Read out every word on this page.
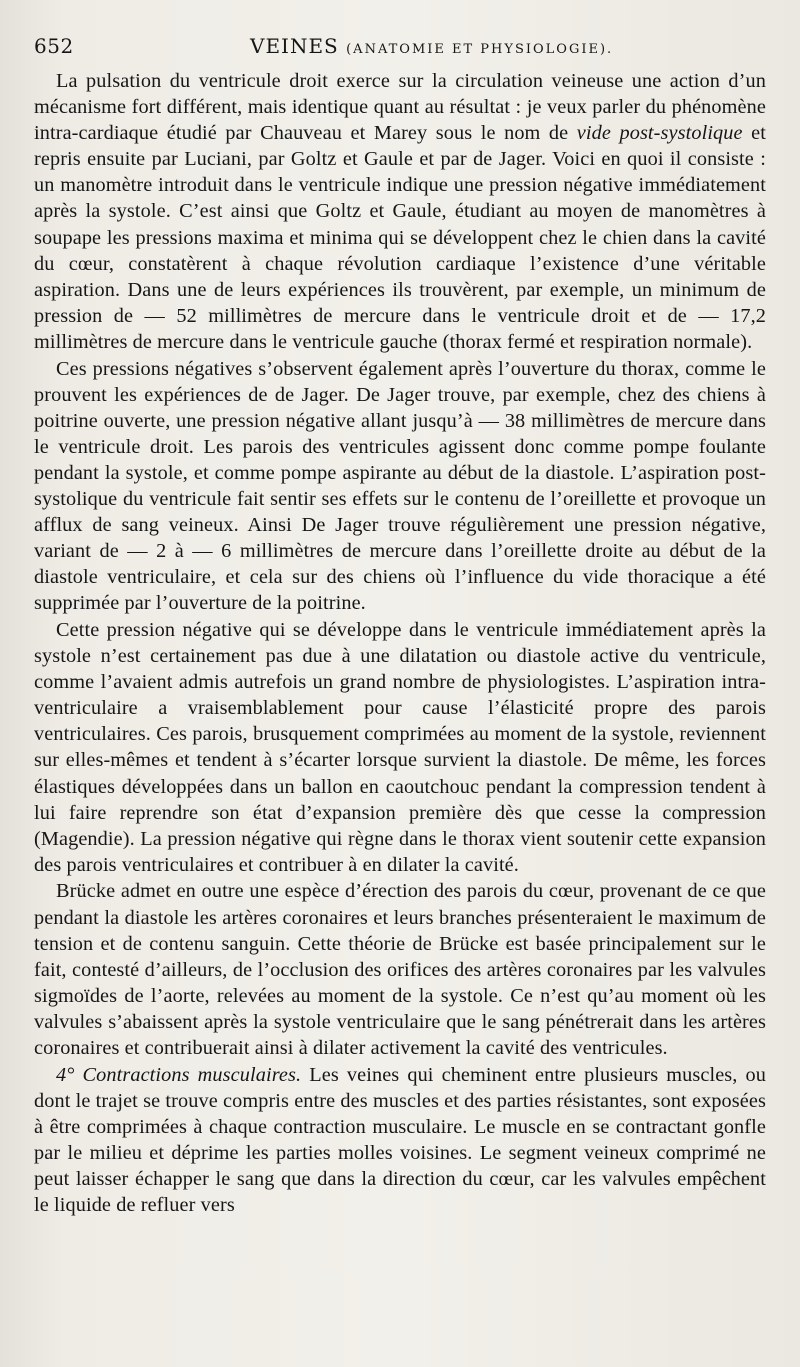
652	VEINES (ANATOMIE ET PHYSIOLOGIE).

La pulsation du ventricule droit exerce sur la circulation veineuse une action d’un mécanisme fort différent, mais identique quant au résultat : je veux parler du phénomène intra-cardiaque étudié par Chauveau et Marey sous le nom de vide post-systolique et repris ensuite par Luciani, par Goltz et Gaule et par de Jager. Voici en quoi il consiste : un manomètre introduit dans le ventricule indique une pression négative immédiatement après la systole. C’est ainsi que Goltz et Gaule, étudiant au moyen de manomètres à soupape les pressions maxima et minima qui se développent chez le chien dans la cavité du cœur, constatèrent à chaque révolution cardiaque l’existence d’une véritable aspiration. Dans une de leurs expériences ils trouvèrent, par exemple, un minimum de pression de — 52 millimètres de mercure dans le ventricule droit et de — 17,2 millimètres de mercure dans le ventricule gauche (thorax fermé et respiration normale).

Ces pressions négatives s’observent également après l’ouverture du thorax, comme le prouvent les expériences de de Jager. De Jager trouve, par exemple, chez des chiens à poitrine ouverte, une pression négative allant jusqu’à — 38 millimètres de mercure dans le ventricule droit. Les parois des ventricules agissent donc comme pompe foulante pendant la systole, et comme pompe aspirante au début de la diastole. L’aspiration post-systolique du ventricule fait sentir ses effets sur le contenu de l’oreillette et provoque un afflux de sang veineux. Ainsi De Jager trouve régulièrement une pression négative, variant de — 2 à — 6 millimètres de mercure dans l’oreillette droite au début de la diastole ventriculaire, et cela sur des chiens où l’influence du vide thoracique a été supprimée par l’ouverture de la poitrine.

Cette pression négative qui se développe dans le ventricule immédiatement après la systole n’est certainement pas due à une dilatation ou diastole active du ventricule, comme l’avaient admis autrefois un grand nombre de physiologistes. L’aspiration intra-ventriculaire a vraisemblablement pour cause l’élasticité propre des parois ventriculaires. Ces parois, brusquement comprimées au moment de la systole, reviennent sur elles-mêmes et tendent à s’écarter lorsque survient la diastole. De même, les forces élastiques développées dans un ballon en caoutchouc pendant la compression tendent à lui faire reprendre son état d’expansion première dès que cesse la compression (Magendie). La pression négative qui règne dans le thorax vient soutenir cette expansion des parois ventriculaires et contribuer à en dilater la cavité.

Brücke admet en outre une espèce d’érection des parois du cœur, provenant de ce que pendant la diastole les artères coronaires et leurs branches présenteraient le maximum de tension et de contenu sanguin. Cette théorie de Brücke est basée principalement sur le fait, contesté d’ailleurs, de l’occlusion des orifices des artères coronaires par les valvules sigmoïdes de l’aorte, relevées au moment de la systole. Ce n’est qu’au moment où les valvules s’abaissent après la systole ventriculaire que le sang pénétrerait dans les artères coronaires et contribuerait ainsi à dilater activement la cavité des ventricules.

4° Contractions musculaires. Les veines qui cheminent entre plusieurs muscles, ou dont le trajet se trouve compris entre des muscles et des parties résistantes, sont exposées à être comprimées à chaque contraction musculaire. Le muscle en se contractant gonfle par le milieu et déprime les parties molles voisines. Le segment veineux comprimé ne peut laisser échapper le sang que dans la direction du cœur, car les valvules empêchent le liquide de refluer vers
